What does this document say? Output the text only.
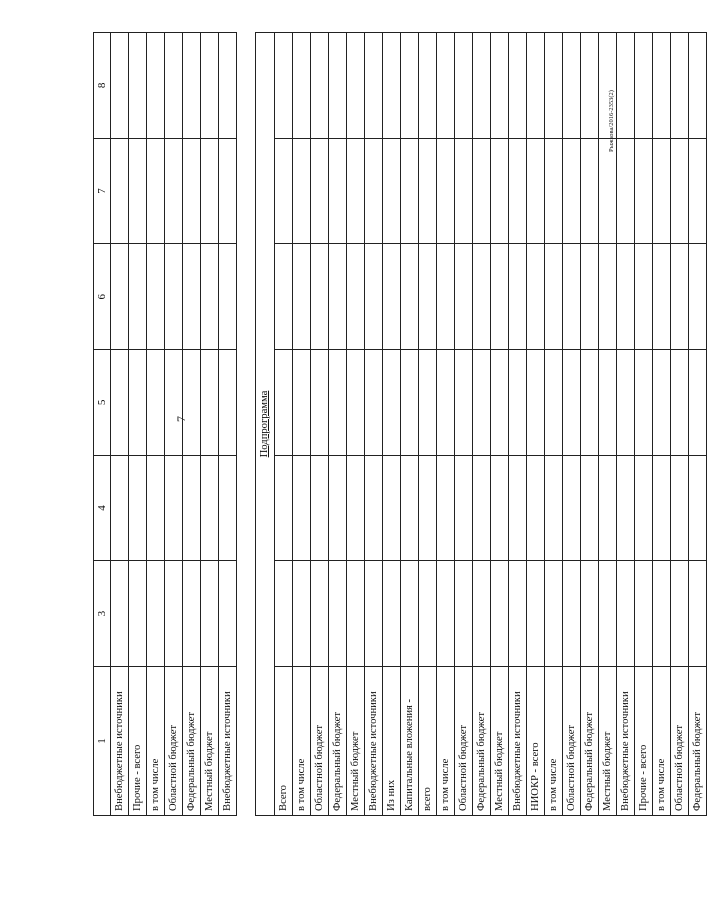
7
Рыжкова/2016-2353(2)
1	3	4	5	6	7	8
Внебюджетные источники						
Прочие - всего						
в том числе						
Областной бюджет						
Федеральный бюджет						
Местный бюджет						
Внебюджетные источники						

Подпрограмма						
Всего						
в том числе						
Областной бюджет						
Федеральный бюджет						
Местный бюджет						
Внебюджетные источники						
Из них						
Капитальные вложения -						
всего						
в том числе						
Областной бюджет						
Федеральный бюджет						
Местный бюджет						
Внебюджетные источники						
НИОКР - всего						
в том числе						
Областной бюджет						
Федеральный бюджет						
Местный бюджет						
Внебюджетные источники						
Прочие - всего						
в том числе						
Областной бюджет						
Федеральный бюджет						
